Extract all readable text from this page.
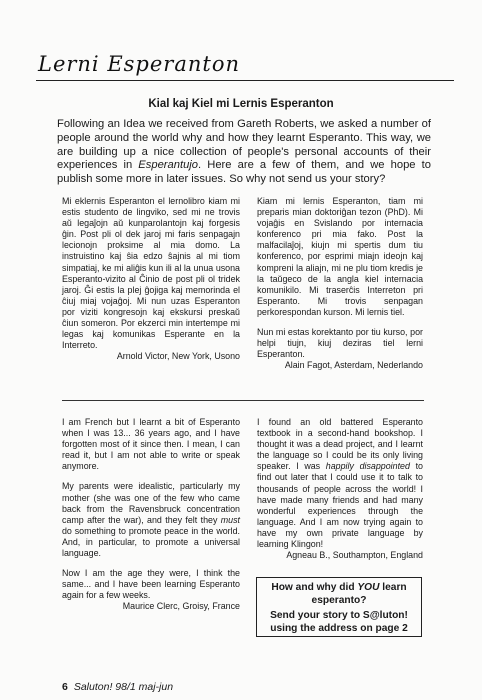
Lerni Esperanton
Kial kaj Kiel mi Lernis Esperanton

Following an Idea we received from Gareth Roberts, we asked a number of people around the world why and how they learnt Esperanto. This way, we are building up a nice collection of people's personal accounts of their experiences in Esperantujo. Here are a few of them, and we hope to publish some more in later issues. So why not send us your story?

Mi eklernis Esperanton el lernolibro kiam mi estis studento de lingviko, sed mi ne trovis aŭ legaĵojn aŭ kunparolantojn kaj forgesis ĝin. Post pli ol dek jaroj mi faris senpagajn lecionojn proksime al mia domo. La instruistino kaj ŝia edzo ŝajnis al mi tiom simpatiaj, ke mi aliĝis kun ili al la unua usona Esperanto-vizito al Ĉinio de post pli ol tridek jaroj. Ĝi estis la plej ĝojiga kaj memorinda el ĉiuj miaj vojaĝoj. Mi nun uzas Esperanton por viziti kongresojn kaj ekskursi preskaŭ ĉiun someron. Por ekzerci min intertempe mi legas kaj komunikas Esperante en la Interreto.

Arnold Victor, New York, Usono

Kiam mi lernis Esperanton, tiam mi preparis mian doktoriĝan tezon (PhD). Mi vojaĝis en Svislando por internacia konferenco pri mia fako. Post la malfacilaĵoj, kiujn mi spertis dum tiu konferenco, por esprimi miajn ideojn kaj kompreni la aliajn, mi ne plu tiom kredis je la taŭgeco de la angla kiel internacia komunikilo. Mi traserĉis Interreton pri Esperanto. Mi trovis senpagan perkorespondan kurson. Mi lernis tiel.

Nun mi estas korektanto por tiu kurso, por helpi tiujn, kiuj deziras tiel lerni Esperanton.

Alain Fagot, Asterdam, Nederlando

I am French but I learnt a bit of Esperanto when I was 13... 36 years ago, and I have forgotten most of it since then. I mean, I can read it, but I am not able to write or speak anymore.

My parents were idealistic, particularly my mother (she was one of the few who came back from the Ravensbruck concentration camp after the war), and they felt they must do something to promote peace in the world. And, in particular, to promote a universal language.

Now I am the age they were, I think the same... and I have been learning Esperanto again for a few weeks.

Maurice Clerc, Groisy, France

I found an old battered Esperanto textbook in a second-hand bookshop. I thought it was a dead project, and I learnt the language so I could be its only living speaker. I was happily disappointed to find out later that I could use it to talk to thousands of people across the world! I have made many friends and had many wonderful experiences through the language. And I am now trying again to have my own private language by learning Klingon!

Agneau B., Southampton, England

How and why did YOU learn esperanto?

Send your story to S@luton! using the address on page 2

6 Saluton! 98/1 maj-jun
